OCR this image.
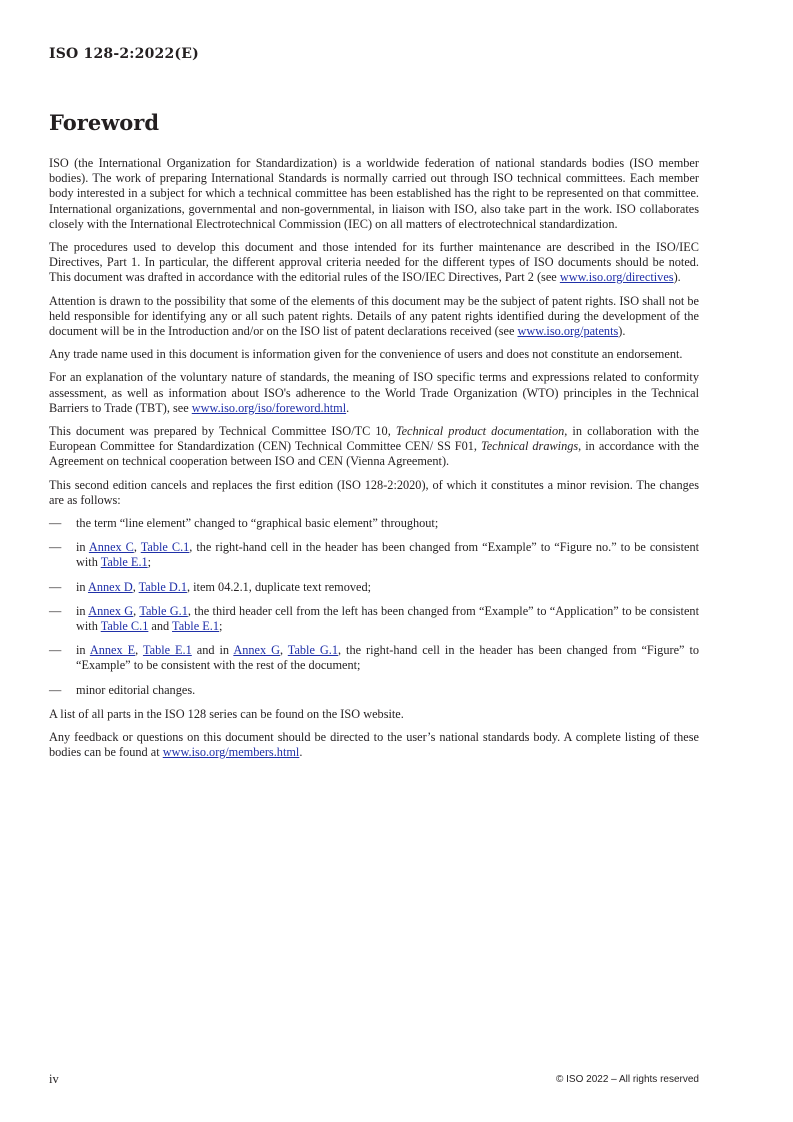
ISO 128-2:2022(E)
Foreword

ISO (the International Organization for Standardization) is a worldwide federation of national standards bodies (ISO member bodies). The work of preparing International Standards is normally carried out through ISO technical committees. Each member body interested in a subject for which a technical committee has been established has the right to be represented on that committee. International organizations, governmental and non-governmental, in liaison with ISO, also take part in the work. ISO collaborates closely with the International Electrotechnical Commission (IEC) on all matters of electrotechnical standardization.

The procedures used to develop this document and those intended for its further maintenance are described in the ISO/IEC Directives, Part 1. In particular, the different approval criteria needed for the different types of ISO documents should be noted. This document was drafted in accordance with the editorial rules of the ISO/IEC Directives, Part 2 (see www.iso.org/directives).

Attention is drawn to the possibility that some of the elements of this document may be the subject of patent rights. ISO shall not be held responsible for identifying any or all such patent rights. Details of any patent rights identified during the development of the document will be in the Introduction and/or on the ISO list of patent declarations received (see www.iso.org/patents).

Any trade name used in this document is information given for the convenience of users and does not constitute an endorsement.

For an explanation of the voluntary nature of standards, the meaning of ISO specific terms and expressions related to conformity assessment, as well as information about ISO's adherence to the World Trade Organization (WTO) principles in the Technical Barriers to Trade (TBT), see www.iso.org/iso/foreword.html.

This document was prepared by Technical Committee ISO/TC 10, Technical product documentation, in collaboration with the European Committee for Standardization (CEN) Technical Committee CEN/ SS F01, Technical drawings, in accordance with the Agreement on technical cooperation between ISO and CEN (Vienna Agreement).

This second edition cancels and replaces the first edition (ISO 128-2:2020), of which it constitutes a minor revision. The changes are as follows:

— the term “line element” changed to “graphical basic element” throughout;
— in Annex C, Table C.1, the right-hand cell in the header has been changed from “Example” to “Figure no.” to be consistent with Table E.1;
— in Annex D, Table D.1, item 04.2.1, duplicate text removed;
— in Annex G, Table G.1, the third header cell from the left has been changed from “Example” to “Application” to be consistent with Table C.1 and Table E.1;
— in Annex E, Table E.1 and in Annex G, Table G.1, the right-hand cell in the header has been changed from “Figure” to “Example” to be consistent with the rest of the document;
— minor editorial changes.

A list of all parts in the ISO 128 series can be found on the ISO website.

Any feedback or questions on this document should be directed to the user’s national standards body. A complete listing of these bodies can be found at www.iso.org/members.html.

iv	© ISO 2022 – All rights reserved
